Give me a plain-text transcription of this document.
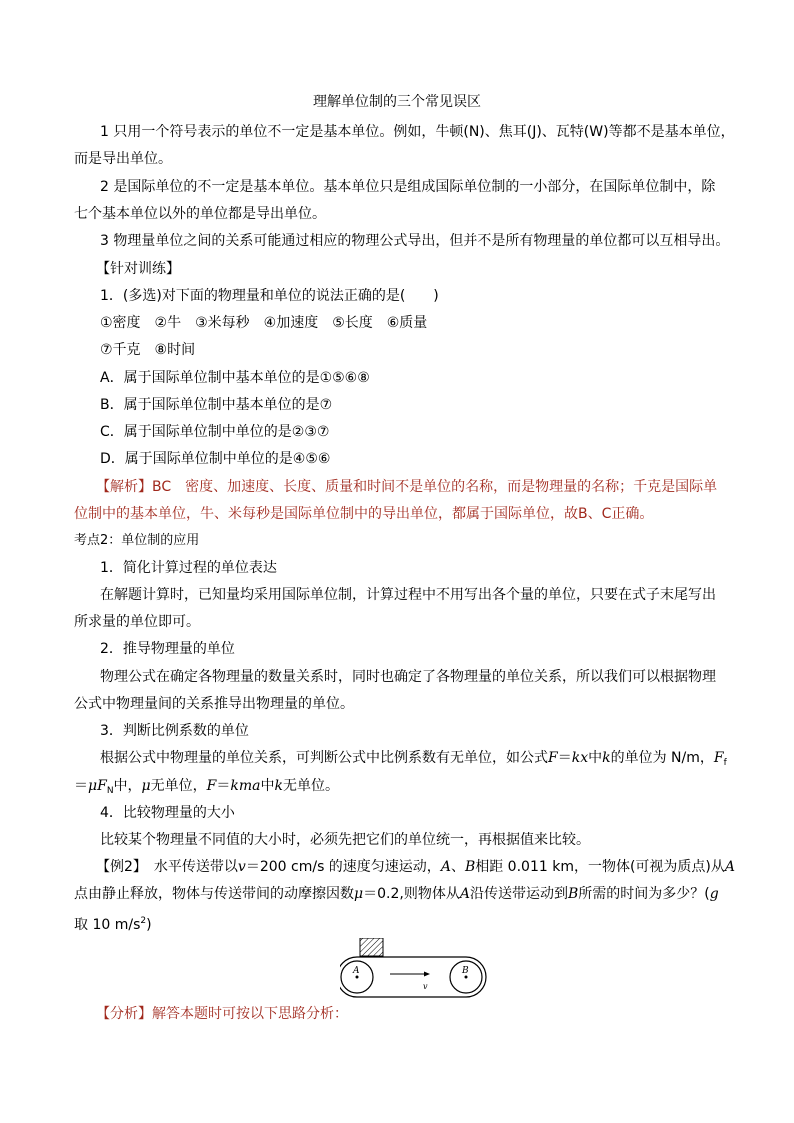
理解单位制的三个常见误区
1 只用一个符号表示的单位不一定是基本单位。例如，牛顿(N)、焦耳(J)、瓦特(W)等都不是基本单位，
而是导出单位。
2 是国际单位的不一定是基本单位。基本单位只是组成国际单位制的一小部分，在国际单位制中，除
七个基本单位以外的单位都是导出单位。
3 物理量单位之间的关系可能通过相应的物理公式导出，但并不是所有物理量的单位都可以互相导出。
【针对训练】
1．(多选)对下面的物理量和单位的说法正确的是(　　)
①密度　②牛　③米每秒　④加速度　⑤长度　⑥质量
⑦千克　⑧时间
A．属于国际单位制中基本单位的是①⑤⑥⑧
B．属于国际单位制中基本单位的是⑦
C．属于国际单位制中单位的是②③⑦
D．属于国际单位制中单位的是④⑤⑥
【解析】BC　密度、加速度、长度、质量和时间不是单位的名称，而是物理量的名称；千克是国际单
位制中的基本单位，牛、米每秒是国际单位制中的导出单位，都属于国际单位，故B、C正确。
考点2：单位制的应用
1．简化计算过程的单位表达
在解题计算时，已知量均采用国际单位制，计算过程中不用写出各个量的单位，只要在式子末尾写出
所求量的单位即可。
2．推导物理量的单位
物理公式在确定各物理量的数量关系时，同时也确定了各物理量的单位关系，所以我们可以根据物理
公式中物理量间的关系推导出物理量的单位。
3．判断比例系数的单位
根据公式中物理量的单位关系，可判断公式中比例系数有无单位，如公式F＝kx中k的单位为 N/m，$F_f$
$=\mu F_N$中，μ无单位，F＝kma中k无单位。
4．比较物理量的大小
比较某个物理量不同值的大小时，必须先把它们的单位统一，再根据值来比较。
【例2】　水平传送带以v＝200 cm/s 的速度匀速运动，A、B相距 0.011 km，一物体(可视为质点)从A
点由静止释放，物体与传送带间的动摩擦因数μ＝0.2,则物体从A沿传送带运动到B所需的时间为多少？(g
取 10 $m/s^2$)
A	B
v
【分析】解答本题时可按以下思路分析：
